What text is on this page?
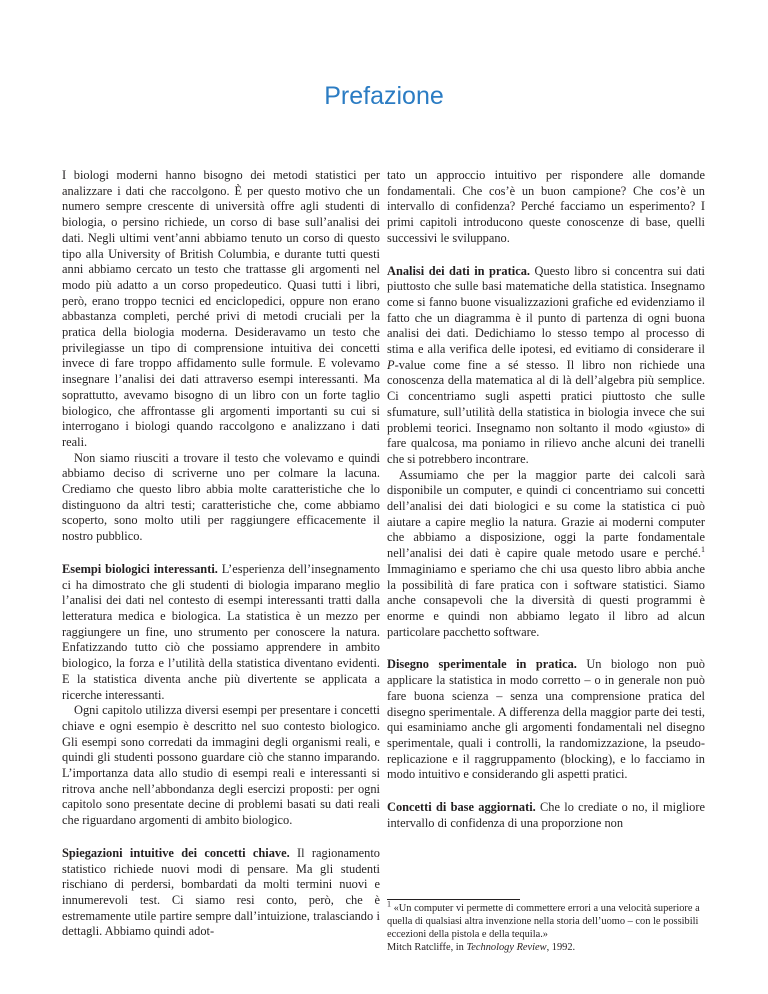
Prefazione

I biologi moderni hanno bisogno dei metodi statistici per analizzare i dati che raccolgono. È per questo motivo che un numero sempre crescente di università offre agli studenti di biologia, o persino richiede, un corso di base sull’analisi dei dati. Negli ultimi vent’anni abbiamo tenuto un corso di questo tipo alla University of British Columbia, e durante tutti questi anni abbiamo cercato un testo che trattasse gli argomenti nel modo più adatto a un corso propedeutico. Quasi tutti i libri, però, erano troppo tecnici ed enciclopedici, oppure non erano abbastanza completi, perché privi di metodi cruciali per la pratica della biologia moderna. Desideravamo un testo che privilegiasse un tipo di comprensione intuitiva dei concetti invece di fare troppo affidamento sulle formule. E volevamo insegnare l’analisi dei dati attraverso esempi interessanti. Ma soprattutto, avevamo bisogno di un libro con un forte taglio biologico, che affrontasse gli argomenti importanti su cui si interrogano i biologi quando raccolgono e analizzano i dati reali.

Non siamo riusciti a trovare il testo che volevamo e quindi abbiamo deciso di scriverne uno per colmare la lacuna. Crediamo che questo libro abbia molte caratteristiche che lo distinguono da altri testi; caratteristiche che, come abbiamo scoperto, sono molto utili per raggiungere efficacemente il nostro pubblico.

Esempi biologici interessanti. L’esperienza dell’insegnamento ci ha dimostrato che gli studenti di biologia imparano meglio l’analisi dei dati nel contesto di esempi interessanti tratti dalla letteratura medica e biologica. La statistica è un mezzo per raggiungere un fine, uno strumento per conoscere la natura. Enfatizzando tutto ciò che possiamo apprendere in ambito biologico, la forza e l’utilità della statistica diventano evidenti. E la statistica diventa anche più divertente se applicata a ricerche interessanti.

Ogni capitolo utilizza diversi esempi per presentare i concetti chiave e ogni esempio è descritto nel suo contesto biologico. Gli esempi sono corredati da immagini degli organismi reali, e quindi gli studenti possono guardare ciò che stanno imparando. L’importanza data allo studio di esempi reali e interessanti si ritrova anche nell’abbondanza degli esercizi proposti: per ogni capitolo sono presentate decine di problemi basati su dati reali che riguardano argomenti di ambito biologico.

Spiegazioni intuitive dei concetti chiave. Il ragionamento statistico richiede nuovi modi di pensare. Ma gli studenti rischiano di perdersi, bombardati da molti termini nuovi e innumerevoli test. Ci siamo resi conto, però, che è estremamente utile partire sempre dall’intuizione, tralasciando i dettagli. Abbiamo quindi adot-

tato un approccio intuitivo per rispondere alle domande fondamentali. Che cos’è un buon campione? Che cos’è un intervallo di confidenza? Perché facciamo un esperimento? I primi capitoli introducono queste conoscenze di base, quelli successivi le sviluppano.

Analisi dei dati in pratica. Questo libro si concentra sui dati piuttosto che sulle basi matematiche della statistica. Insegnamo come si fanno buone visualizzazioni grafiche ed evidenziamo il fatto che un diagramma è il punto di partenza di ogni buona analisi dei dati. Dedichiamo lo stesso tempo al processo di stima e alla verifica delle ipotesi, ed evitiamo di considerare il P-value come fine a sé stesso. Il libro non richiede una conoscenza della matematica al di là dell’algebra più semplice. Ci concentriamo sugli aspetti pratici piuttosto che sulle sfumature, sull’utilità della statistica in biologia invece che sui problemi teorici. Insegnamo non soltanto il modo «giusto» di fare qualcosa, ma poniamo in rilievo anche alcuni dei tranelli che si potrebbero incontrare.

Assumiamo che per la maggior parte dei calcoli sarà disponibile un computer, e quindi ci concentriamo sui concetti dell’analisi dei dati biologici e su come la statistica ci può aiutare a capire meglio la natura. Grazie ai moderni computer che abbiamo a disposizione, oggi la parte fondamentale nell’analisi dei dati è capire quale metodo usare e perché.$^1$ Immaginiamo e speriamo che chi usa questo libro abbia anche la possibilità di fare pratica con i software statistici. Siamo anche consapevoli che la diversità di questi programmi è enorme e quindi non abbiamo legato il libro ad alcun particolare pacchetto software.

Disegno sperimentale in pratica. Un biologo non può applicare la statistica in modo corretto – o in generale non può fare buona scienza – senza una comprensione pratica del disegno sperimentale. A differenza della maggior parte dei testi, qui esaminiamo anche gli argomenti fondamentali nel disegno sperimentale, quali i controlli, la randomizzazione, la pseudo-replicazione e il raggruppamento (blocking), e lo facciamo in modo intuitivo e considerando gli aspetti pratici.

Concetti di base aggiornati. Che lo crediate o no, il migliore intervallo di confidenza di una proporzione non

$^1$ «Un computer vi permette di commettere errori a una velocità superiore a quella di qualsiasi altra invenzione nella storia dell’uomo – con le possibili eccezioni della pistola e della tequila.»

Mitch Ratcliffe, in Technology Review, 1992.
